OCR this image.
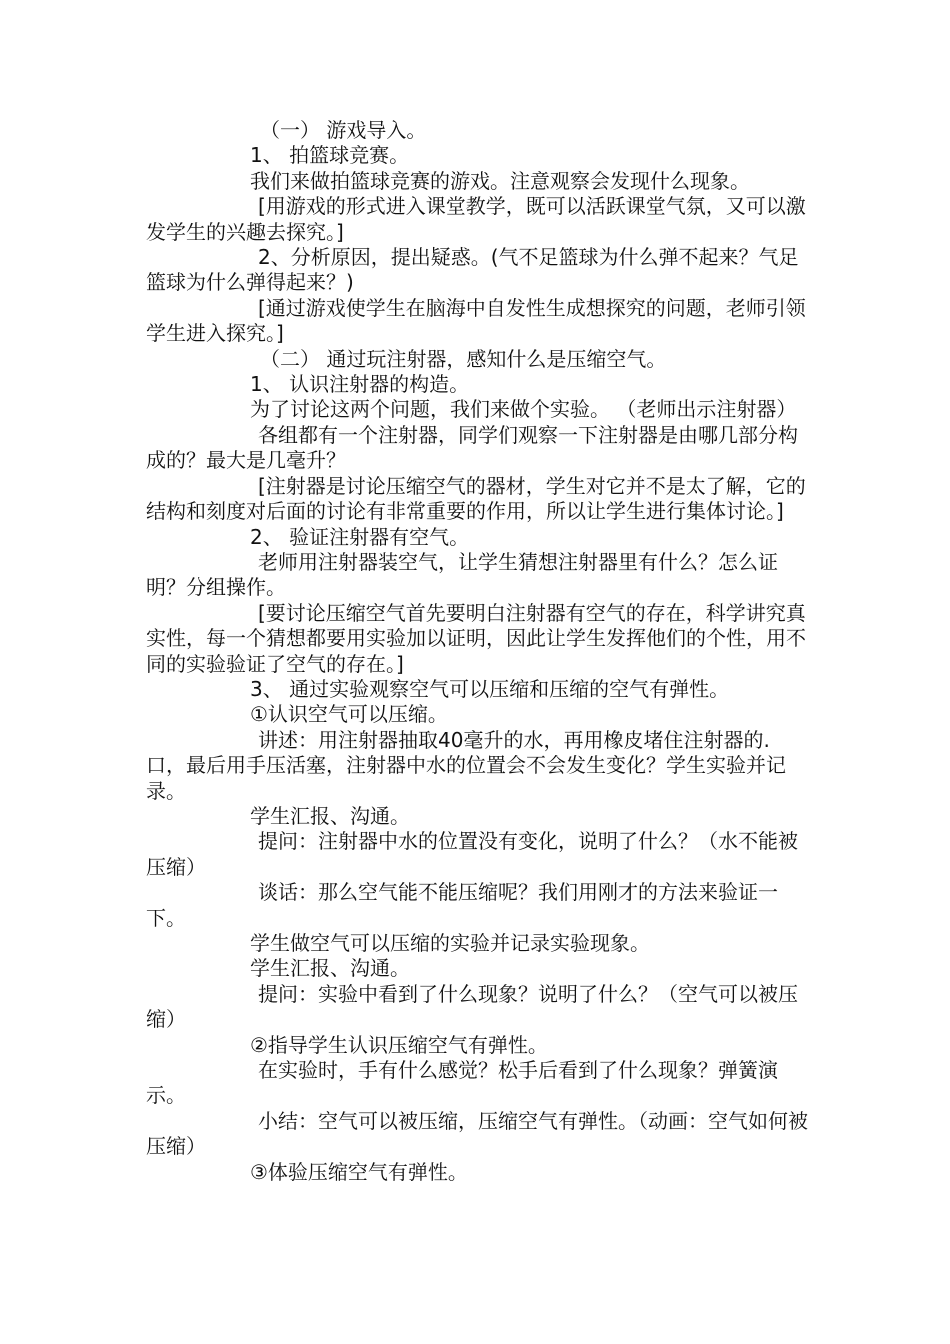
（一） 游戏导入。

1、 拍篮球竞赛。

我们来做拍篮球竞赛的游戏。注意观察会发现什么现象。

[用游戏的形式进入课堂教学，既可以活跃课堂气氛，又可以激发学生的兴趣去探究。]

2、分析原因，提出疑惑。(气不足篮球为什么弹不起来？气足篮球为什么弹得起来？)

[通过游戏使学生在脑海中自发性生成想探究的问题，老师引领学生进入探究。]

（二） 通过玩注射器，感知什么是压缩空气。

1、 认识注射器的构造。

为了讨论这两个问题，我们来做个实验。 （老师出示注射器）

各组都有一个注射器，同学们观察一下注射器是由哪几部分构成的？最大是几毫升？

[注射器是讨论压缩空气的器材，学生对它并不是太了解，它的结构和刻度对后面的讨论有非常重要的作用，所以让学生进行集体讨论。]

2、 验证注射器有空气。

老师用注射器装空气，让学生猜想注射器里有什么？怎么证明？分组操作。

[要讨论压缩空气首先要明白注射器有空气的存在，科学讲究真实性，每一个猜想都要用实验加以证明，因此让学生发挥他们的个性，用不同的实验验证了空气的存在。]

3、 通过实验观察空气可以压缩和压缩的空气有弹性。

①认识空气可以压缩。

讲述：用注射器抽取40毫升的水，再用橡皮堵住注射器的.口，最后用手压活塞，注射器中水的位置会不会发生变化？学生实验并记录。

学生汇报、沟通。

提问：注射器中水的位置没有变化，说明了什么？（水不能被压缩）

谈话：那么空气能不能压缩呢？我们用刚才的方法来验证一下。

学生做空气可以压缩的实验并记录实验现象。

学生汇报、沟通。

提问：实验中看到了什么现象？说明了什么？（空气可以被压缩）

②指导学生认识压缩空气有弹性。

在实验时，手有什么感觉？松手后看到了什么现象？弹簧演示。

小结：空气可以被压缩，压缩空气有弹性。（动画：空气如何被压缩）

③体验压缩空气有弹性。
